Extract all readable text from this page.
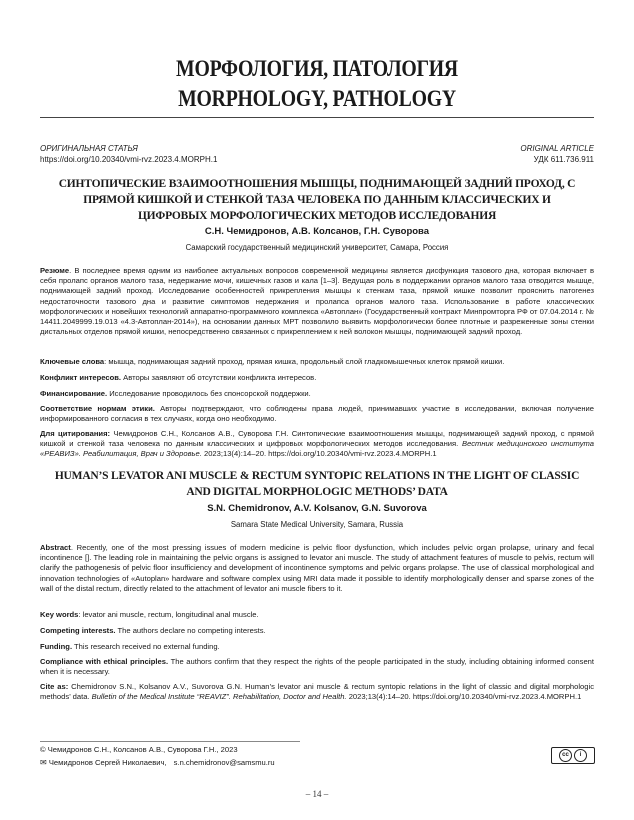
МОРФОЛОГИЯ, ПАТОЛОГИЯ
MORPHOLOGY, PATHOLOGY
ОРИГИНАЛЬНАЯ СТАТЬЯ
https://doi.org/10.20340/vmi-rvz.2023.4.MORPH.1
ORIGINAL ARTICLE
УДК 611.736.911
СИНТОПИЧЕСКИЕ ВЗАИМООТНОШЕНИЯ МЫШЦЫ, ПОДНИМАЮЩЕЙ ЗАДНИЙ ПРОХОД, С ПРЯМОЙ КИШКОЙ И СТЕНКОЙ ТАЗА ЧЕЛОВЕКА ПО ДАННЫМ КЛАССИЧЕСКИХ И ЦИФРОВЫХ МОРФОЛОГИЧЕСКИХ МЕТОДОВ ИССЛЕДОВАНИЯ
С.Н. Чемидронов, А.В. Колсанов, Г.Н. Суворова
Самарский государственный медицинский университет, Самара, Россия
Резюме. В последнее время одним из наиболее актуальных вопросов современной медицины является дисфункция тазового дна, которая включает в себя пролапс органов малого таза, недержание мочи, кишечных газов и кала [1–3]. Ведущая роль в поддержании органов малого таза отводится мышце, поднимающей задний проход. Исследование особенностей прикрепления мышцы к стенкам таза, прямой кишке позволит прояснить патогенез недостаточности тазового дна и развитие симптомов недержания и пролапса органов малого таза. Использование в работе классических морфологических и новейших технологий аппаратно-программного комплекса «Автоплан» (Государственный контракт Минпромторга РФ от 07.04.2014 г. № 14411.2049999.19.013 «4.3-Автоплан-2014»), на основании данных МРТ позволило выявить морфологически более плотные и разреженные зоны стенки дистальных отделов прямой кишки, непосредственно связанных с прикреплением к ней волокон мышцы, поднимающей задний проход.
Ключевые слова: мышца, поднимающая задний проход, прямая кишка, продольный слой гладкомышечных клеток прямой кишки.
Конфликт интересов. Авторы заявляют об отсутствии конфликта интересов.
Финансирование. Исследование проводилось без спонсорской поддержки.
Соответствие нормам этики. Авторы подтверждают, что соблюдены права людей, принимавших участие в исследовании, включая получение информированного согласия в тех случаях, когда оно необходимо.
Для цитирования: Чемидронов С.Н., Колсанов А.В., Суворова Г.Н. Синтопические взаимоотношения мышцы, поднимающей задний проход, с прямой кишкой и стенкой таза человека по данным классических и цифровых морфологических методов исследования. Вестник медицинского института «РЕАВИЗ». Реабилитация, Врач и Здоровье. 2023;13(4):14–20. https://doi.org/10.20340/vmi-rvz.2023.4.MORPH.1
HUMAN’S LEVATOR ANI MUSCLE & RECTUM SYNTOPIC RELATIONS IN THE LIGHT OF CLASSIC AND DIGITAL MORPHOLOGIC METHODS’ DATA
S.N. Chemidronov, A.V. Kolsanov, G.N. Suvorova
Samara State Medical University, Samara, Russia
Abstract. Recently, one of the most pressing issues of modern medicine is pelvic floor dysfunction, which includes pelvic organ prolapse, urinary and fecal incontinence []. The leading role in maintaining the pelvic organs is assigned to levator ani muscle. The study of attachment features of muscle to pelvis, rectum will clarify the pathogenesis of pelvic floor insufficiency and development of incontinence symptoms and pelvic organs prolapse. The use of classical morphological and innovation technologies of «Autoplan» hardware and software complex using MRI data made it possible to identify morphologically denser and sparse zones of the wall of the distal rectum, directly related to the attachment of levator ani muscle fibers to it.
Key words: levator ani muscle, rectum, longitudinal anal muscle.
Competing interests. The authors declare no competing interests.
Funding. This research received no external funding.
Compliance with ethical principles. The authors confirm that they respect the rights of the people participated in the study, including obtaining informed consent when it is necessary.
Cite as: Chemidronov S.N., Kolsanov A.V., Suvorova G.N. Human’s levator ani muscle & rectum syntopic relations in the light of classic and digital morphologic methods’ data. Bulletin of the Medical Institute “REAVIZ”. Rehabilitation, Doctor and Health. 2023;13(4):14–20. https://doi.org/10.20340/vmi-rvz.2023.4.MORPH.1
© Чемидронов С.Н., Колсанов А.В., Суворова Г.Н., 2023
✉ Чемидронов Сергей Николаевич, s.n.chemidronov@samsmu.ru
cc	i
– 14 –
